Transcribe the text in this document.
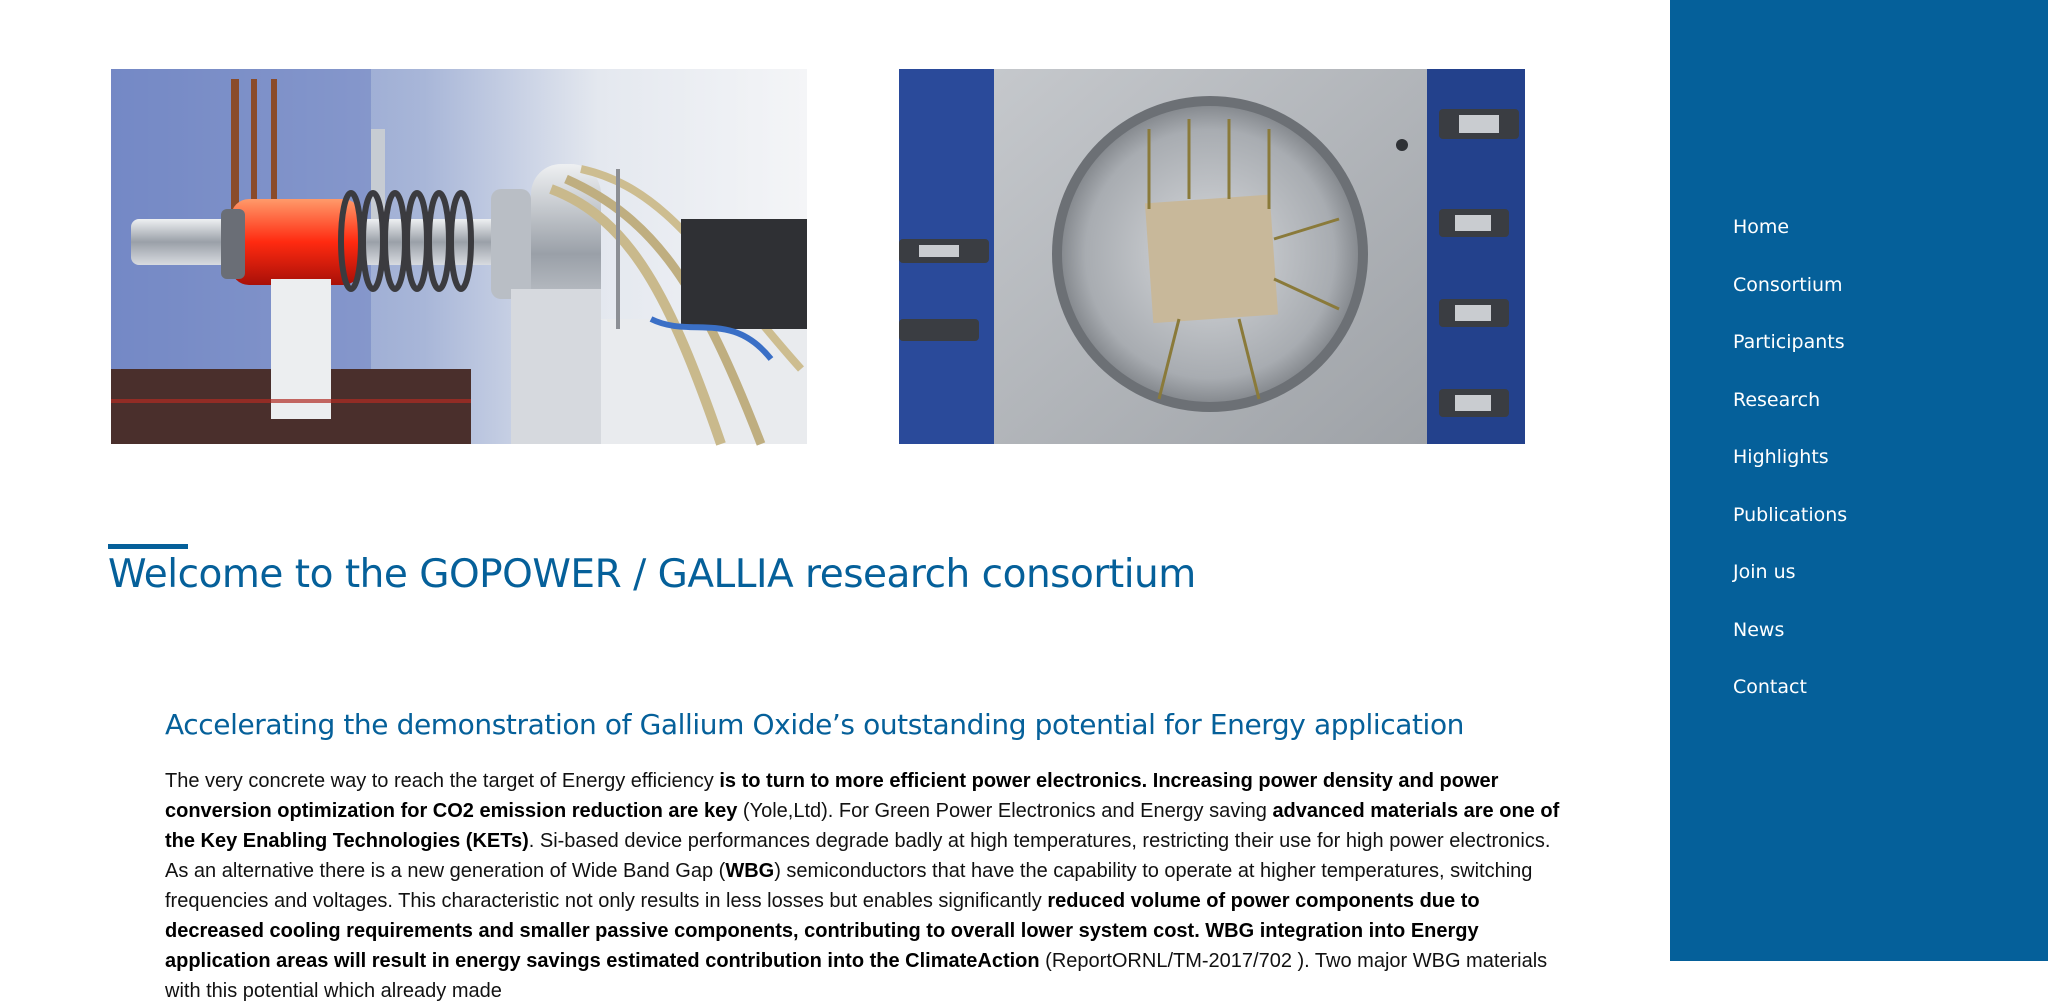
Welcome to the GOPOWER / GALLIA research consortium
Accelerating the demonstration of Gallium Oxide’s outstanding potential for Energy application

The very concrete way to reach the target of Energy efficiency is to turn to more efficient power electronics. Increasing power density and power conversion optimization for CO2 emission reduction are key (Yole,Ltd). For Green Power Electronics and Energy saving advanced materials are one of the Key Enabling Technologies (KETs). Si-based device performances degrade badly at high temperatures, restricting their use for high power electronics. As an alternative there is a new generation of Wide Band Gap (WBG) semiconductors that have the capability to operate at higher temperatures, switching frequencies and voltages. This characteristic not only results in less losses but enables significantly reduced volume of power components due to decreased cooling requirements and smaller passive components, contributing to overall lower system cost. WBG integration into Energy application areas will result in energy savings estimated contribution into the ClimateAction (ReportORNL/TM-2017/702 ). Two major WBG materials with this potential which already made

Home
Consortium
Participants
Research
Highlights
Publications
Join us
News
Contact
